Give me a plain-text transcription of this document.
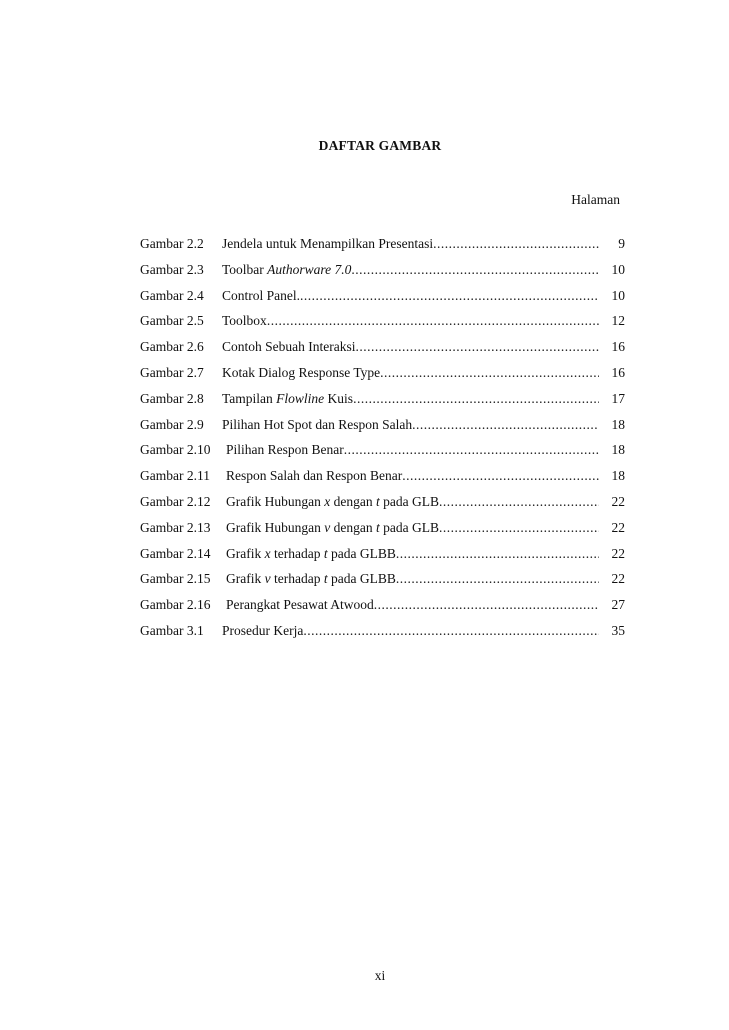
DAFTAR GAMBAR
Halaman
Gambar 2.2	Jendela untuk Menampilkan Presentasi .....	9
Gambar 2.3	Toolbar Authorware 7.0 .....	10
Gambar 2.4	Control Panel. .....	10
Gambar 2.5	Toolbox .....	12
Gambar 2.6	Contoh Sebuah Interaksi .....	16
Gambar 2.7	Kotak Dialog Response Type .....	16
Gambar 2.8	Tampilan Flowline Kuis .....	17
Gambar 2.9	Pilihan Hot Spot dan Respon Salah .....	18
Gambar 2.10	Pilihan Respon Benar .....	18
Gambar 2.11	Respon Salah dan Respon Benar .....	18
Gambar 2.12	Grafik Hubungan → x dengan t pada GLB .....	22
Gambar 2.13	Grafik Hubungan → v dengan t pada GLB .....	22
Gambar 2.14	Grafik → x terhadap t pada GLBB .....	22
Gambar 2.15	Grafik → v terhadap t pada GLBB .....	22
Gambar 2.16	Perangkat Pesawat Atwood .....	27
Gambar 3.1	Prosedur Kerja .....	35
xi
